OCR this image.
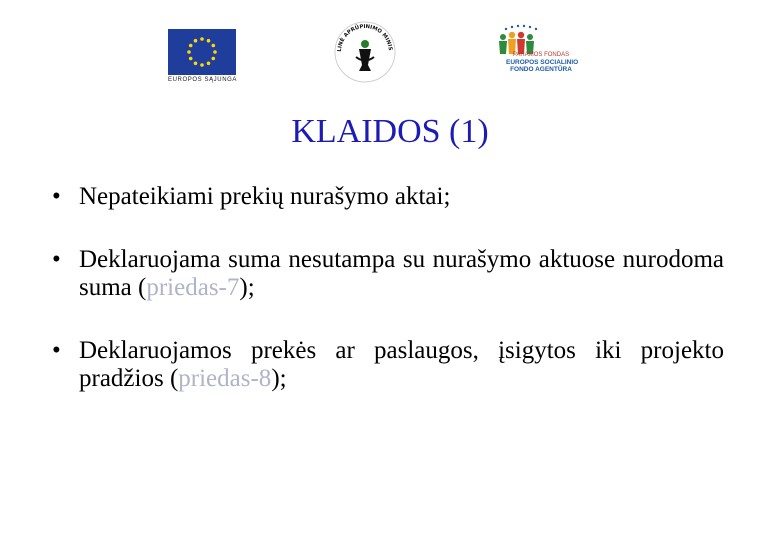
EUROPOS SĄJUNGA
LINĖ APRŪPINIMO MINIS
PARAMOS FONDAS
EUROPOS SOCIALINIO
FONDO AGENTŪRA
KLAIDOS (1)
• Nepateikiami prekių nurašymo aktai;
• Deklaruojama suma nesutampa su nurašymo aktuose nurodoma suma (priedas-7);
• Deklaruojamos prekės ar paslaugos, įsigytos iki projekto pradžios (priedas-8);
